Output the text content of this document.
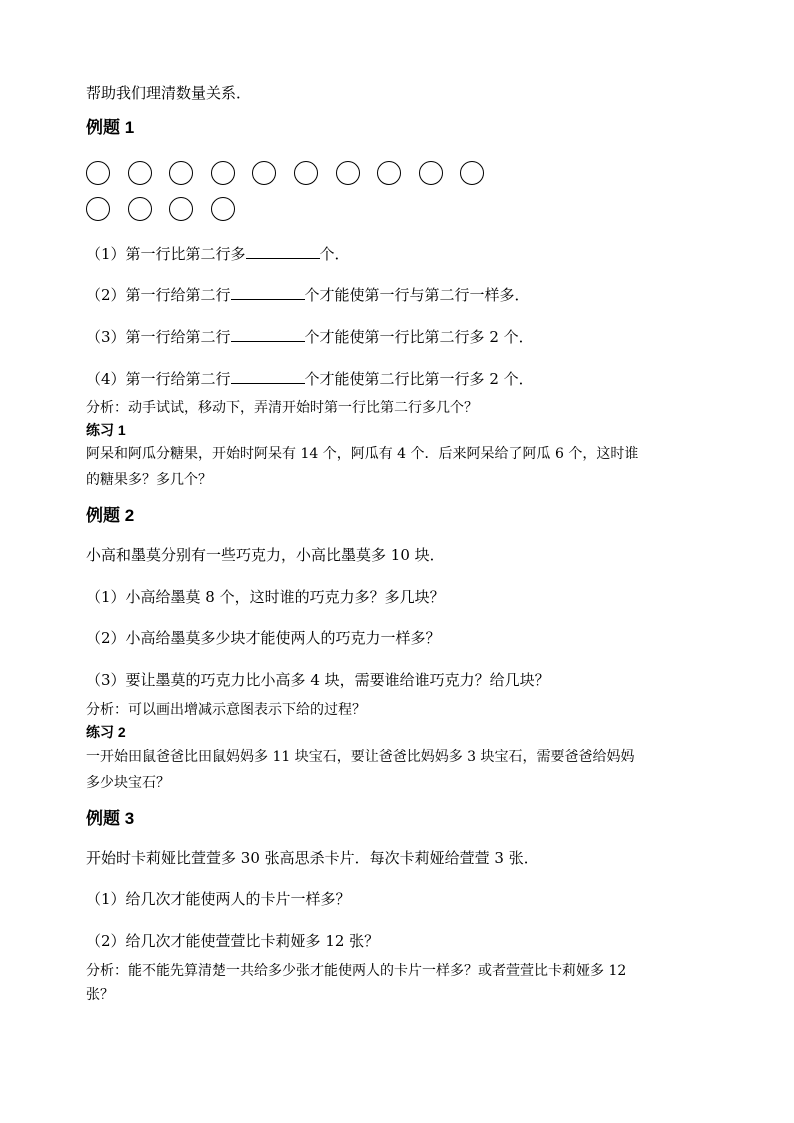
帮助我们理清数量关系．
例题 1
（1）第一行比第二行多	个．
（2）第一行给第二行	个才能使第一行与第二行一样多．
（3）第一行给第二行	个才能使第一行比第二行多 2 个．
（4）第一行给第二行	个才能使第二行比第一行多 2 个．
分析：动手试试，移动下，弄清开始时第一行比第二行多几个？
练习 1
阿呆和阿瓜分糖果，开始时阿呆有 14 个，阿瓜有 4 个．后来阿呆给了阿瓜 6 个，这时谁
的糖果多？多几个？
例题 2
小高和墨莫分别有一些巧克力，小高比墨莫多 10 块．
（1）小高给墨莫 8 个，这时谁的巧克力多？多几块？
（2）小高给墨莫多少块才能使两人的巧克力一样多？
（3）要让墨莫的巧克力比小高多 4 块，需要谁给谁巧克力？给几块？
分析：可以画出增减示意图表示下给的过程？
练习 2
一开始田鼠爸爸比田鼠妈妈多 11 块宝石，要让爸爸比妈妈多 3 块宝石，需要爸爸给妈妈
多少块宝石？
例题 3
开始时卡莉娅比萱萱多 30 张高思杀卡片．每次卡莉娅给萱萱 3 张．
（1）给几次才能使两人的卡片一样多？
（2）给几次才能使萱萱比卡莉娅多 12 张？
分析：能不能先算清楚一共给多少张才能使两人的卡片一样多？或者萱萱比卡莉娅多 12
张？
